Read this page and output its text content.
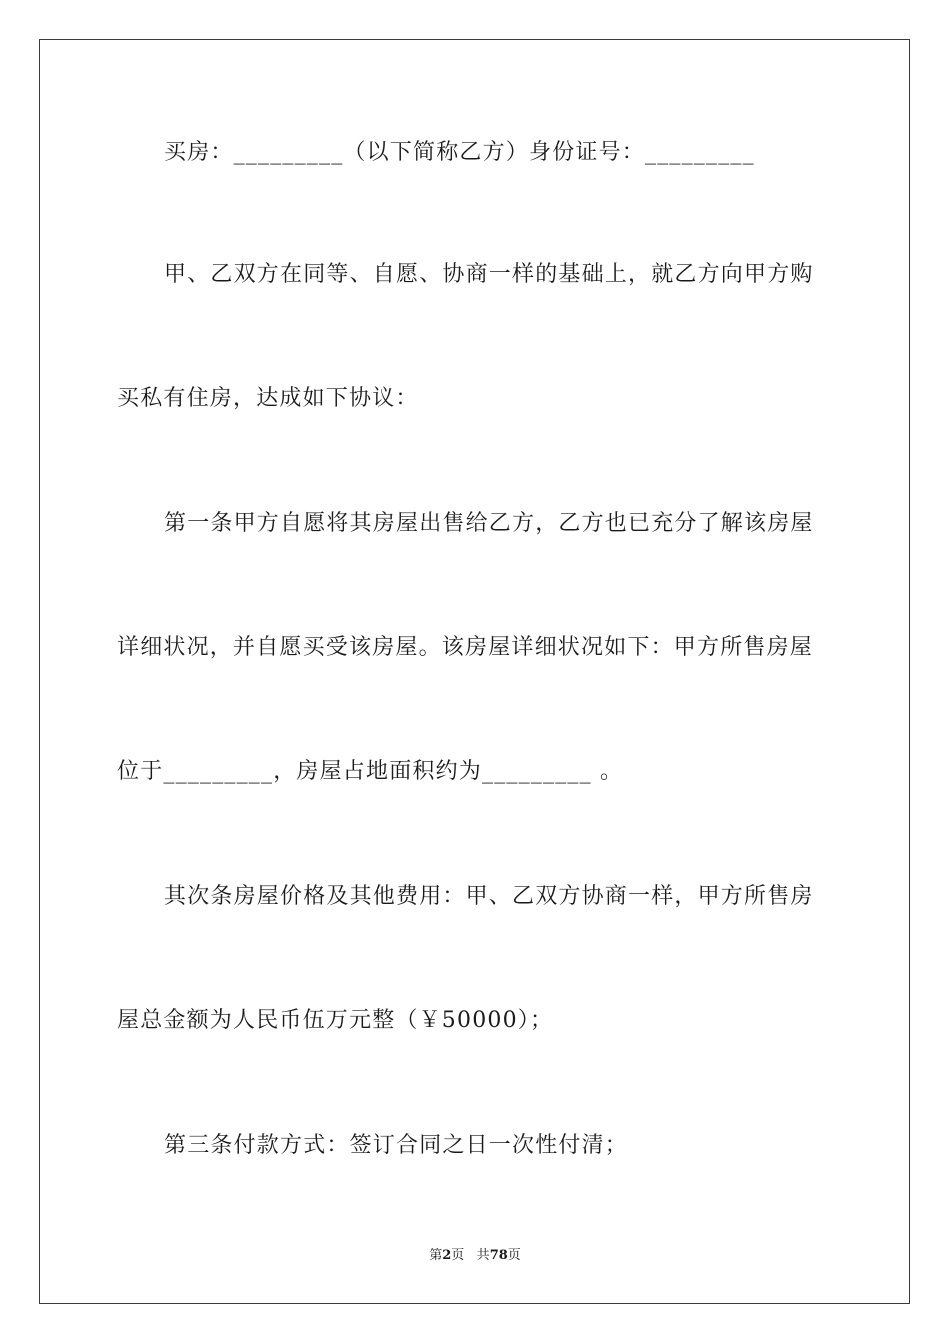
买房：_________（以下简称乙方）身份证号：_________
甲、乙双方在同等、自愿、协商一样的基础上，就乙方向甲方购
买私有住房，达成如下协议：
第一条甲方自愿将其房屋出售给乙方，乙方也已充分了解该房屋
详细状况，并自愿买受该房屋。该房屋详细状况如下：甲方所售房屋
位于_________，房屋占地面积约为_________ 。
其次条房屋价格及其他费用：甲、乙双方协商一样，甲方所售房
屋总金额为人民币伍万元整（￥50000）；
第三条付款方式：签订合同之日一次性付清；
第2页 共78页
